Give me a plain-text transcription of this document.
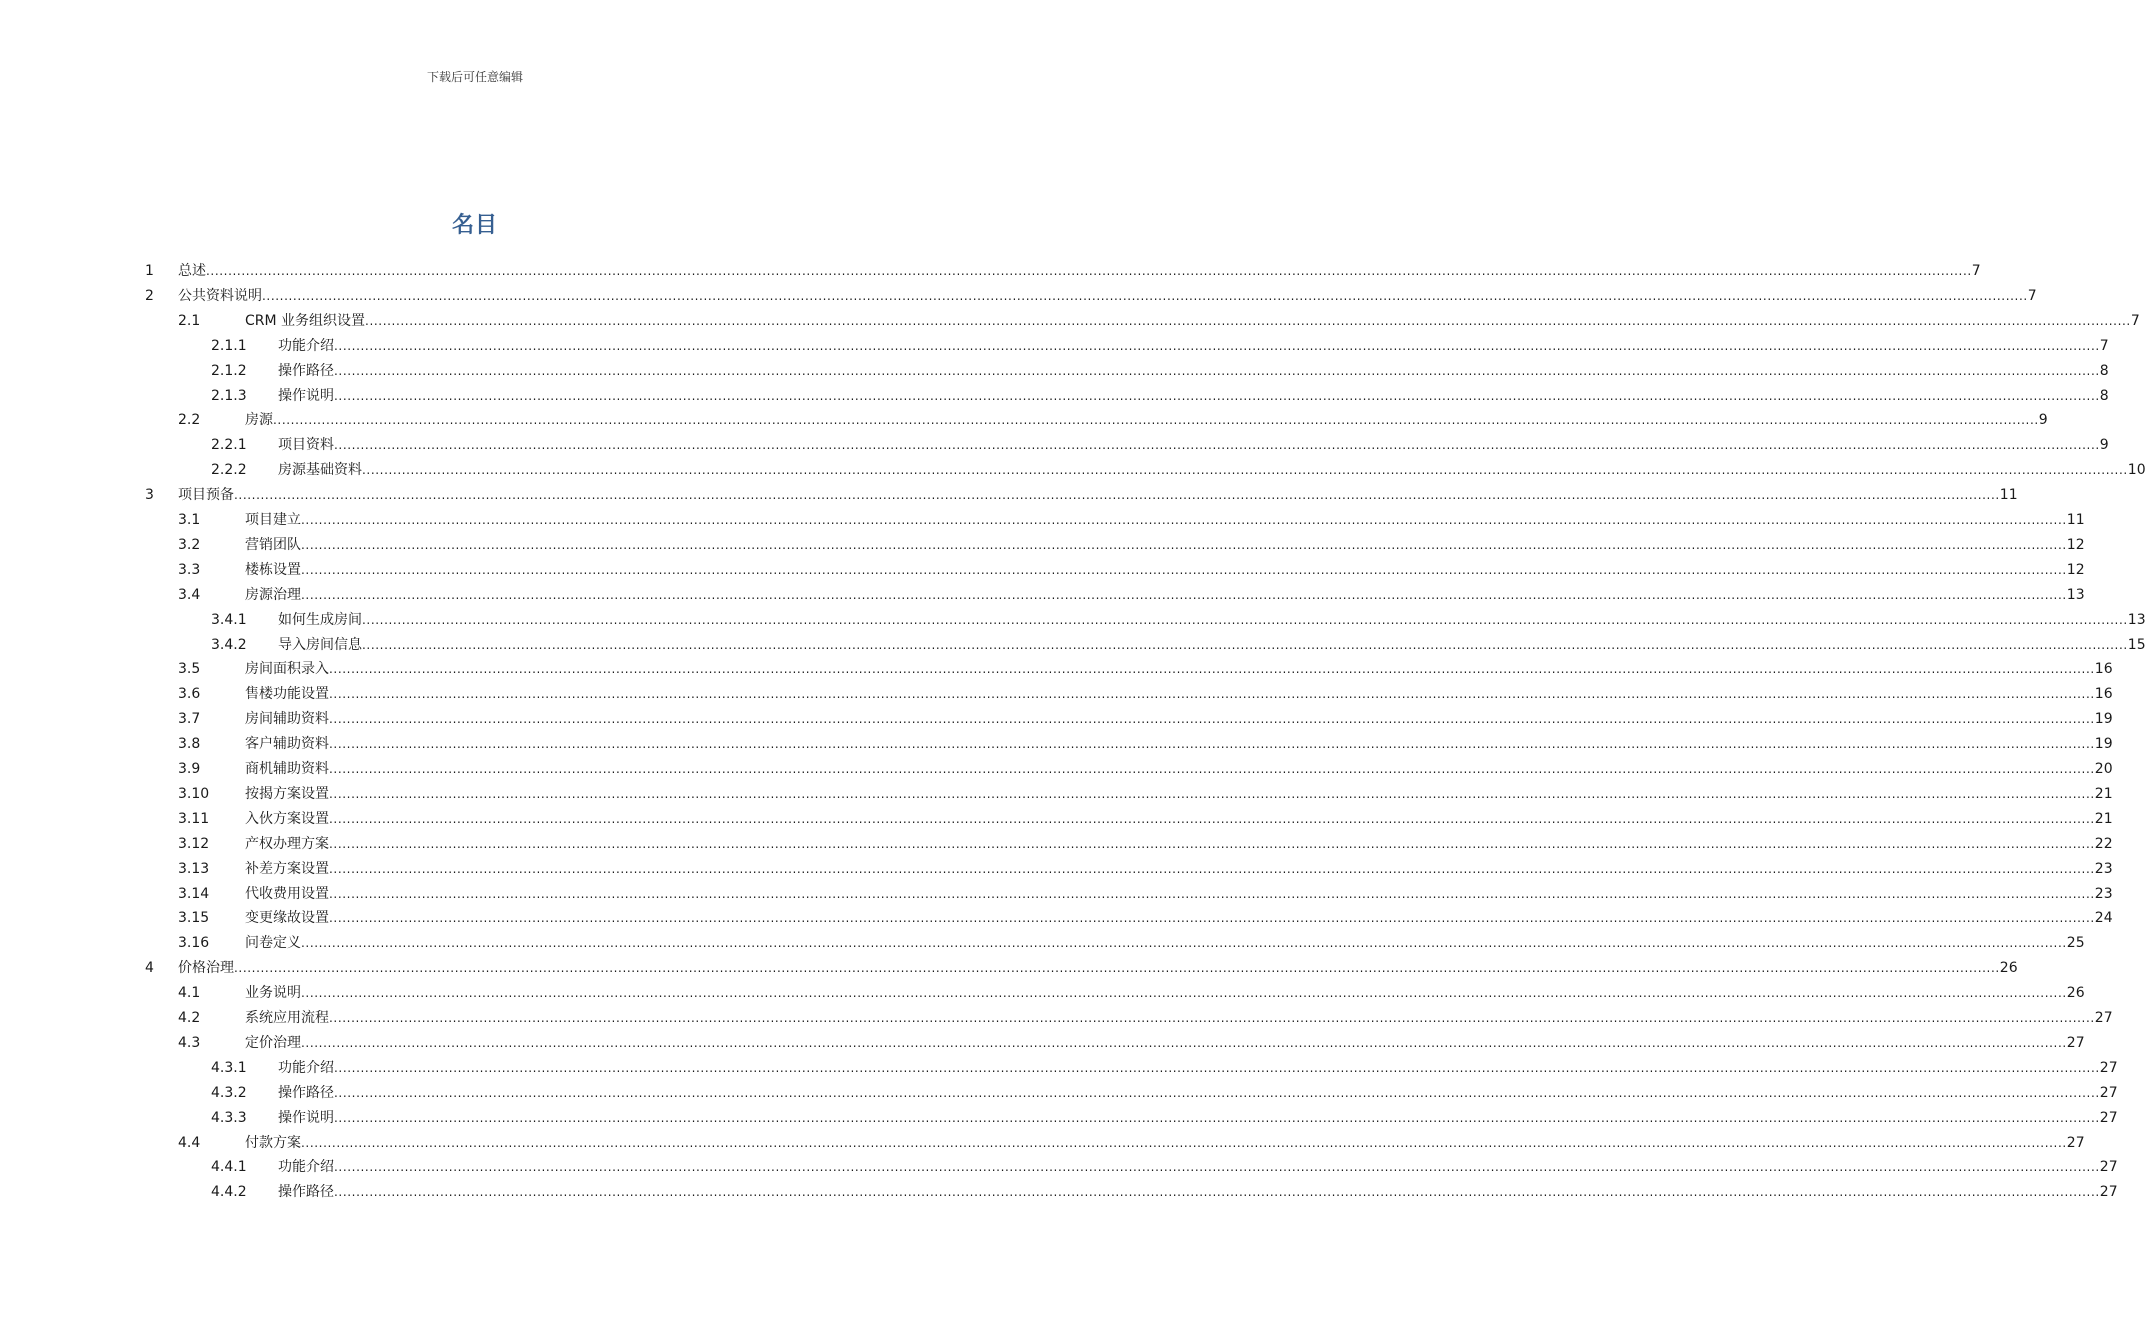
下载后可任意编辑
名目
1 总述 ................................................................................................................................................................................................................................................................................................................................................................................................................ 7
2 公共资料说明 ................................................................................................................................................................................................................................................................................................................................................................................................................ 7
2.1	CRM 业务组织设置 ................................................................................................................................................................................................................................................................................................................................................................................................................ 7
2.1.1 功能介绍 ................................................................................................................................................................................................................................................................................................................................................................................................................ 7
2.1.2 操作路径 ................................................................................................................................................................................................................................................................................................................................................................................................................ 8
2.1.3 操作说明 ................................................................................................................................................................................................................................................................................................................................................................................................................ 8
2.2	房源 ................................................................................................................................................................................................................................................................................................................................................................................................................ 9
2.2.1 项目资料 ................................................................................................................................................................................................................................................................................................................................................................................................................ 9
2.2.2 房源基础资料 ................................................................................................................................................................................................................................................................................................................................................................................................................ 10
3 项目预备 ................................................................................................................................................................................................................................................................................................................................................................................................................ 11
3.1	项目建立 ................................................................................................................................................................................................................................................................................................................................................................................................................ 11
3.2	营销团队 ................................................................................................................................................................................................................................................................................................................................................................................................................ 12
3.3	楼栋设置 ................................................................................................................................................................................................................................................................................................................................................................................................................ 12
3.4	房源治理 ................................................................................................................................................................................................................................................................................................................................................................................................................ 13
3.4.1 如何生成房间 ................................................................................................................................................................................................................................................................................................................................................................................................................ 13
3.4.2 导入房间信息 ................................................................................................................................................................................................................................................................................................................................................................................................................ 15
3.5	房间面积录入 ................................................................................................................................................................................................................................................................................................................................................................................................................ 16
3.6	售楼功能设置 ................................................................................................................................................................................................................................................................................................................................................................................................................ 16
3.7	房间辅助资料 ................................................................................................................................................................................................................................................................................................................................................................................................................ 19
3.8	客户辅助资料 ................................................................................................................................................................................................................................................................................................................................................................................................................ 19
3.9	商机辅助资料 ................................................................................................................................................................................................................................................................................................................................................................................................................ 20
3.10	按揭方案设置 ................................................................................................................................................................................................................................................................................................................................................................................................................ 21
3.11	入伙方案设置 ................................................................................................................................................................................................................................................................................................................................................................................................................ 21
3.12	产权办理方案 ................................................................................................................................................................................................................................................................................................................................................................................................................ 22
3.13	补差方案设置 ................................................................................................................................................................................................................................................................................................................................................................................................................ 23
3.14	代收费用设置 ................................................................................................................................................................................................................................................................................................................................................................................................................ 23
3.15	变更缘故设置 ................................................................................................................................................................................................................................................................................................................................................................................................................ 24
3.16	问卷定义 ................................................................................................................................................................................................................................................................................................................................................................................................................ 25
4 价格治理 ................................................................................................................................................................................................................................................................................................................................................................................................................ 26
4.1	业务说明 ................................................................................................................................................................................................................................................................................................................................................................................................................ 26
4.2	系统应用流程 ................................................................................................................................................................................................................................................................................................................................................................................................................ 27
4.3	定价治理 ................................................................................................................................................................................................................................................................................................................................................................................................................ 27
4.3.1 功能介绍 ................................................................................................................................................................................................................................................................................................................................................................................................................ 27
4.3.2 操作路径 ................................................................................................................................................................................................................................................................................................................................................................................................................ 27
4.3.3 操作说明 ................................................................................................................................................................................................................................................................................................................................................................................................................ 27
4.4	付款方案 ................................................................................................................................................................................................................................................................................................................................................................................................................ 27
4.4.1 功能介绍 ................................................................................................................................................................................................................................................................................................................................................................................................................ 27
4.4.2 操作路径 ................................................................................................................................................................................................................................................................................................................................................................................................................ 27
